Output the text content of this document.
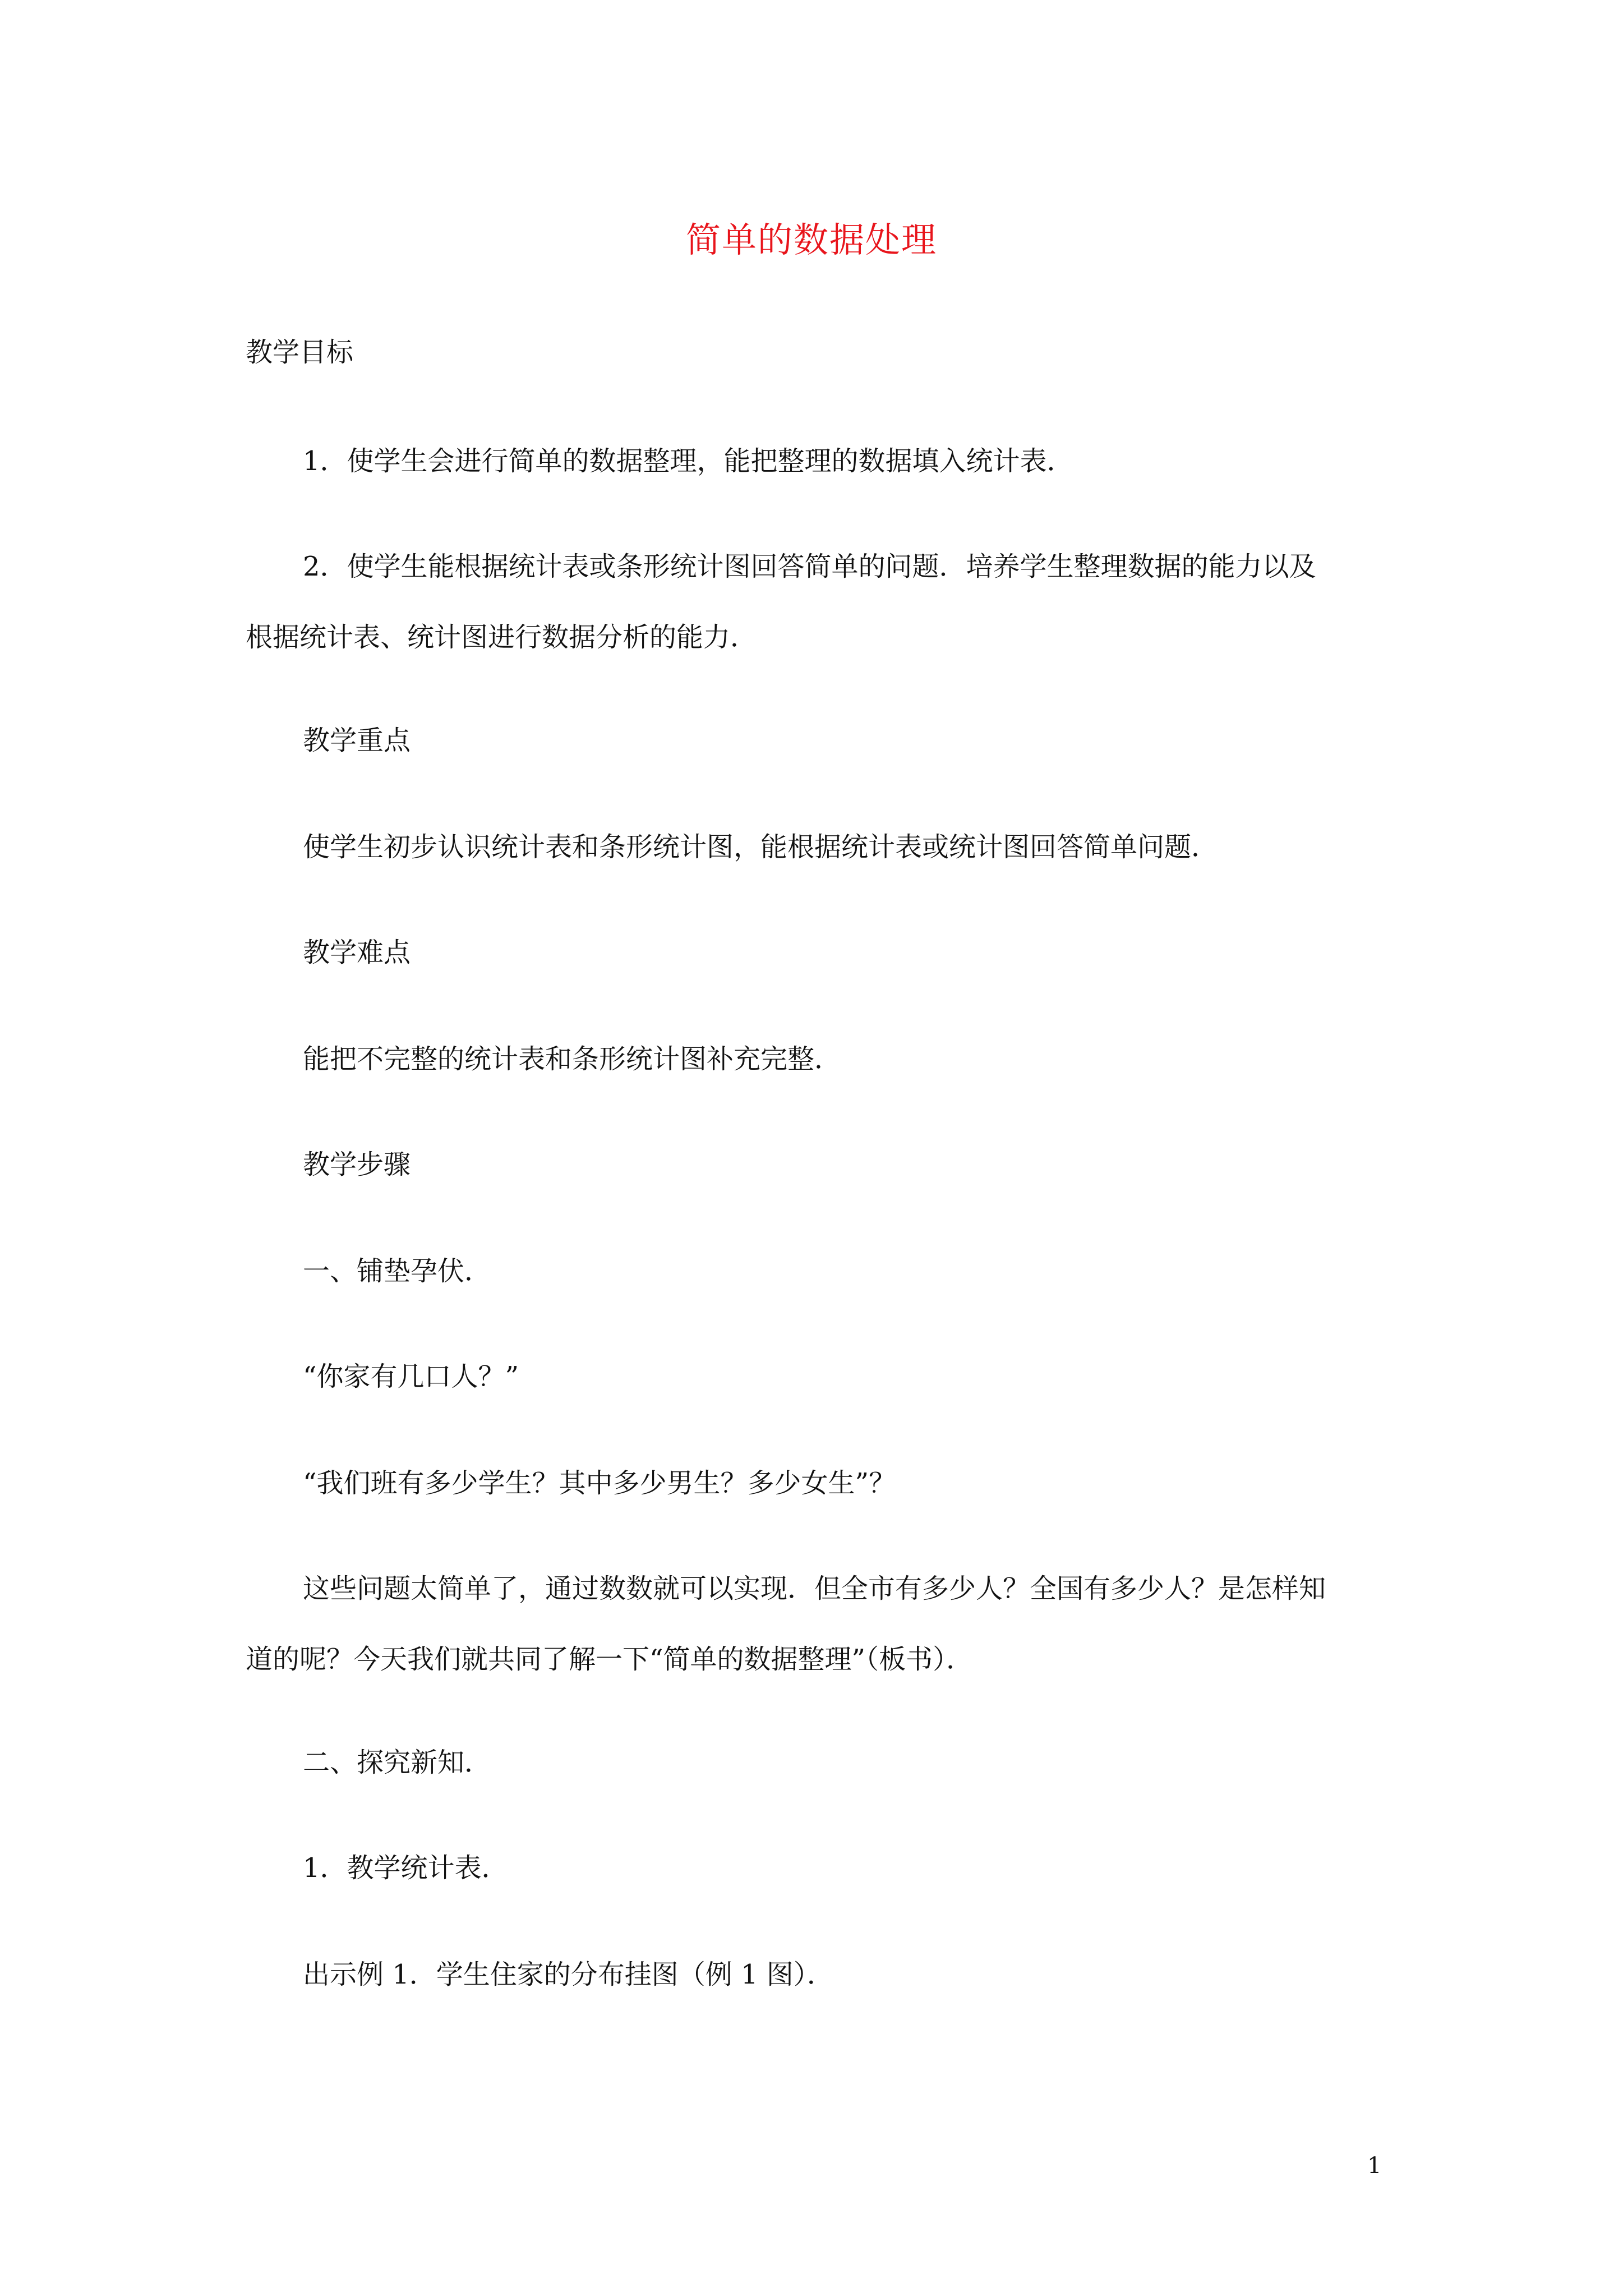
简单的数据处理
教学目标
1．使学生会进行简单的数据整理，能把整理的数据填入统计表．
2．使学生能根据统计表或条形统计图回答简单的问题．培养学生整理数据的能力以及
根据统计表、统计图进行数据分析的能力．
教学重点
使学生初步认识统计表和条形统计图，能根据统计表或统计图回答简单问题．
教学难点
能把不完整的统计表和条形统计图补充完整．
教学步骤
一、铺垫孕伏．
“你家有几口人？”
“我们班有多少学生？其中多少男生？多少女生”？
这些问题太简单了，通过数数就可以实现．但全市有多少人？全国有多少人？是怎样知
道的呢？今天我们就共同了解一下“简单的数据整理”（板书）．
二、探究新知．
1．教学统计表．
出示例 1．学生住家的分布挂图（例 1 图）．
1
